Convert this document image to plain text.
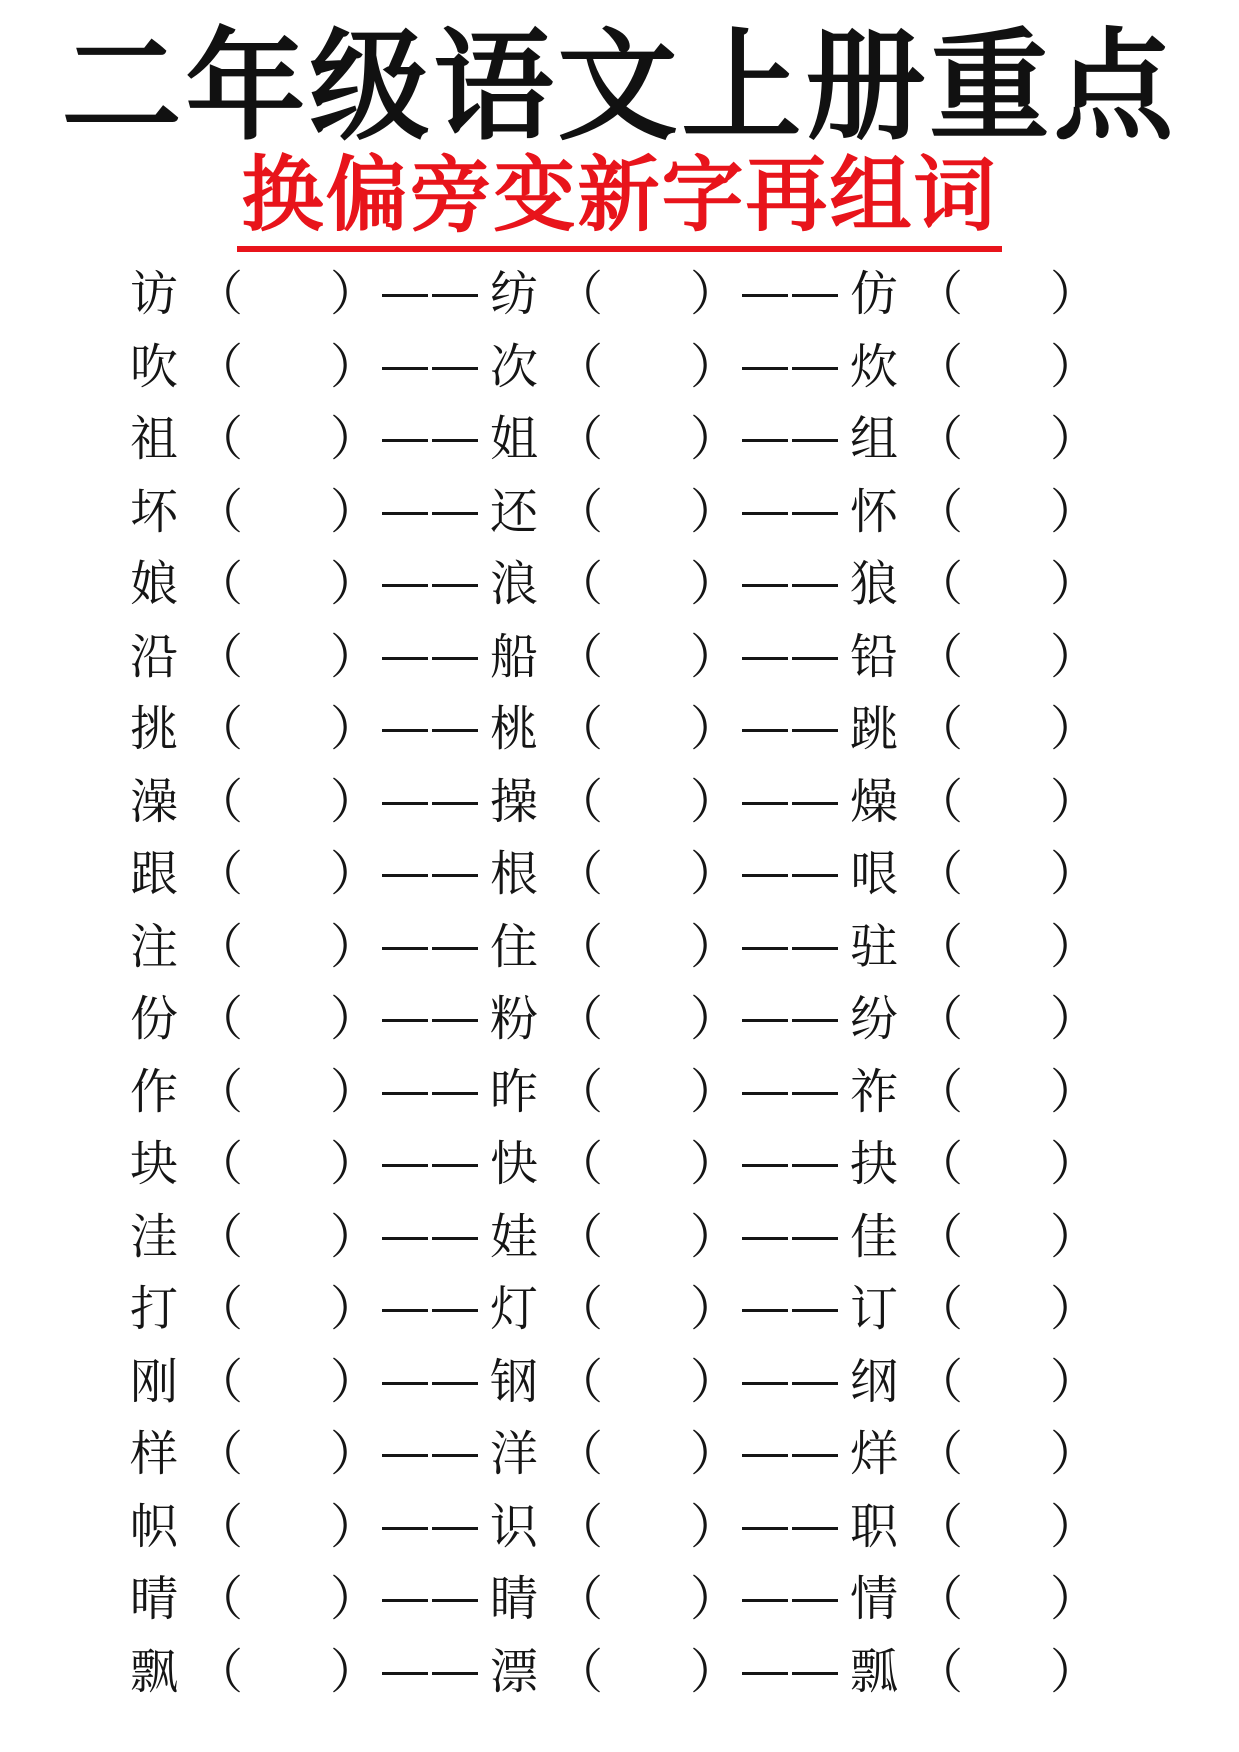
二年级语文上册重点
换偏旁变新字再组词
访 （ ） 纺 （ ） 仿 （ ）
吹 （ ） 次 （ ） 炊 （ ）
祖 （ ） 姐 （ ） 组 （ ）
坏 （ ） 还 （ ） 怀 （ ）
娘 （ ） 浪 （ ） 狼 （ ）
沿 （ ） 船 （ ） 铅 （ ）
挑 （ ） 桃 （ ） 跳 （ ）
澡 （ ） 操 （ ） 燥 （ ）
跟 （ ） 根 （ ） 哏 （ ）
注 （ ） 住 （ ） 驻 （ ）
份 （ ） 粉 （ ） 纷 （ ）
作 （ ） 昨 （ ） 祚 （ ）
块 （ ） 快 （ ） 抉 （ ）
洼 （ ） 娃 （ ） 佳 （ ）
打 （ ） 灯 （ ） 订 （ ）
刚 （ ） 钢 （ ） 纲 （ ）
样 （ ） 洋 （ ） 烊 （ ）
帜 （ ） 识 （ ） 职 （ ）
晴 （ ） 睛 （ ） 情 （ ）
飘 （ ） 漂 （ ） 瓢 （ ）
